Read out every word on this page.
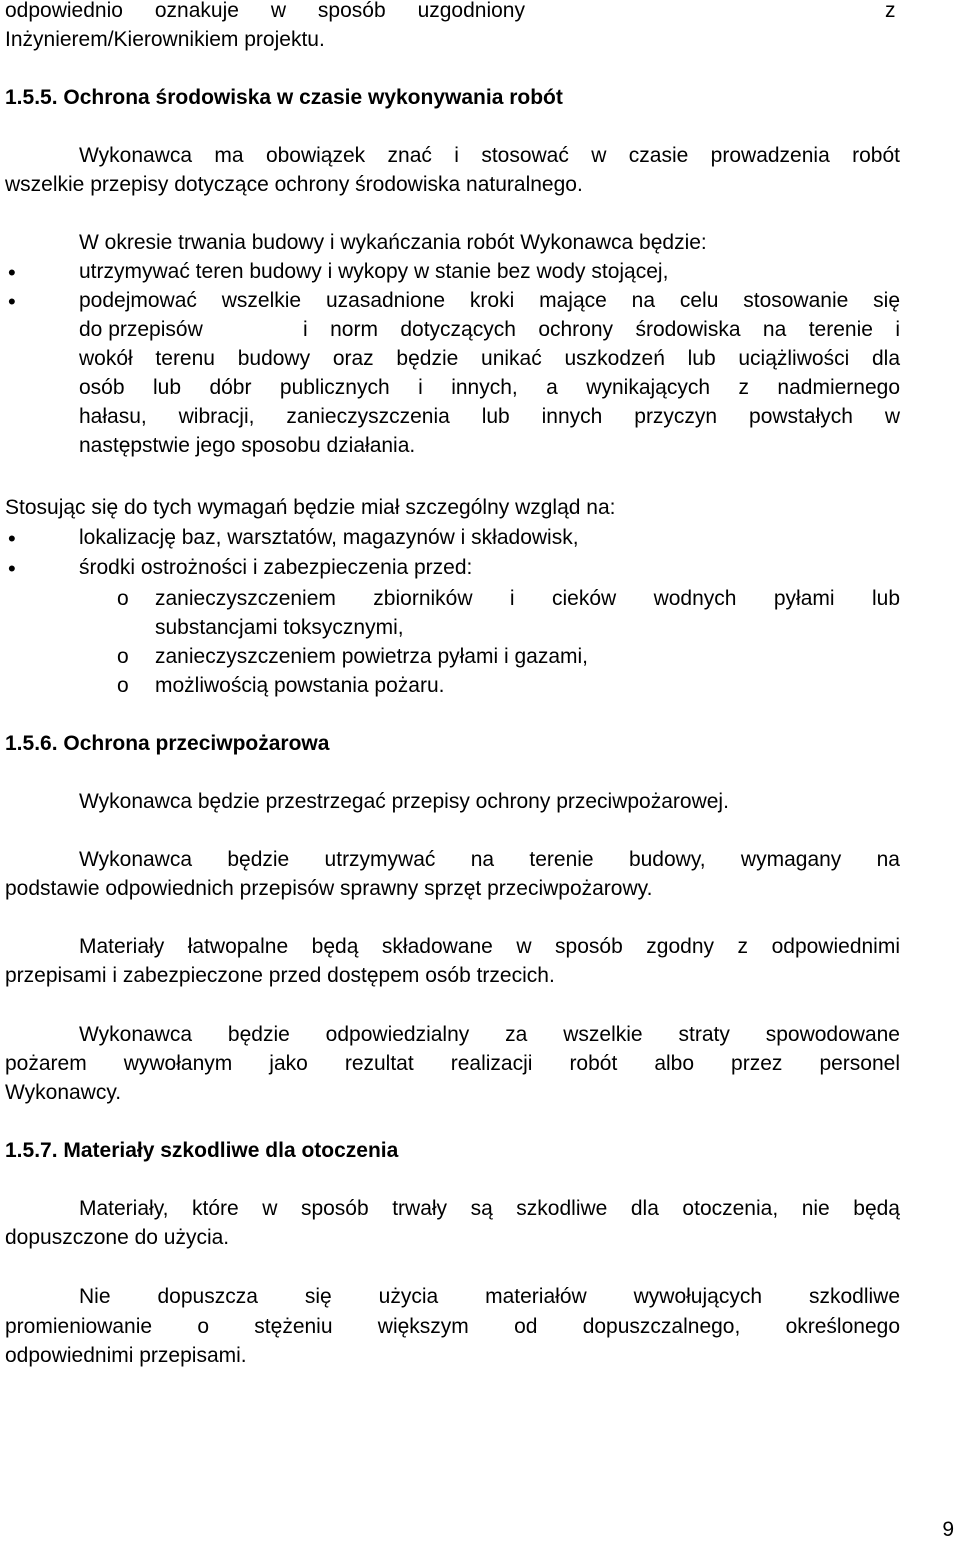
odpowiednio oznakuje w sposób uzgodniony	z
Inżynierem/Kierownikiem projektu.
1.5.5. Ochrona środowiska w czasie wykonywania robót
Wykonawca ma obowiązek znać i stosować w czasie prowadzenia robót
wszelkie przepisy dotyczące ochrony środowiska naturalnego.
W okresie trwania budowy i wykańczania robót Wykonawca będzie:
•	utrzymywać teren budowy i wykopy w stanie bez wody stojącej,
•	podejmować wszelkie uzasadnione kroki mające na celu stosowanie się
do przepisów	i norm dotyczących ochrony środowiska na terenie i
wokół terenu budowy oraz będzie unikać uszkodzeń lub uciążliwości dla
osób lub dóbr publicznych i innych, a wynikających z nadmiernego
hałasu, wibracji, zanieczyszczenia lub innych przyczyn powstałych w
następstwie jego sposobu działania.
Stosując się do tych wymagań będzie miał szczególny wzgląd na:
•	lokalizację baz, warsztatów, magazynów i składowisk,
•	środki ostrożności i zabezpieczenia przed:
o zanieczyszczeniem zbiorników i cieków wodnych pyłami lub
substancjami toksycznymi,
o zanieczyszczeniem powietrza pyłami i gazami,
o możliwością powstania pożaru.
1.5.6. Ochrona przeciwpożarowa
Wykonawca będzie przestrzegać przepisy ochrony przeciwpożarowej.
Wykonawca będzie utrzymywać na terenie budowy, wymagany na
podstawie odpowiednich przepisów sprawny sprzęt przeciwpożarowy.
Materiały łatwopalne będą składowane w sposób zgodny z odpowiednimi
przepisami i zabezpieczone przed dostępem osób trzecich.
Wykonawca będzie odpowiedzialny za wszelkie straty spowodowane
pożarem wywołanym jako rezultat realizacji robót albo przez personel
Wykonawcy.
1.5.7. Materiały szkodliwe dla otoczenia
Materiały, które w sposób trwały są szkodliwe dla otoczenia, nie będą
dopuszczone do użycia.
Nie dopuszcza się użycia materiałów wywołujących szkodliwe
promieniowanie o stężeniu większym od dopuszczalnego, określonego
odpowiednimi przepisami.
9
